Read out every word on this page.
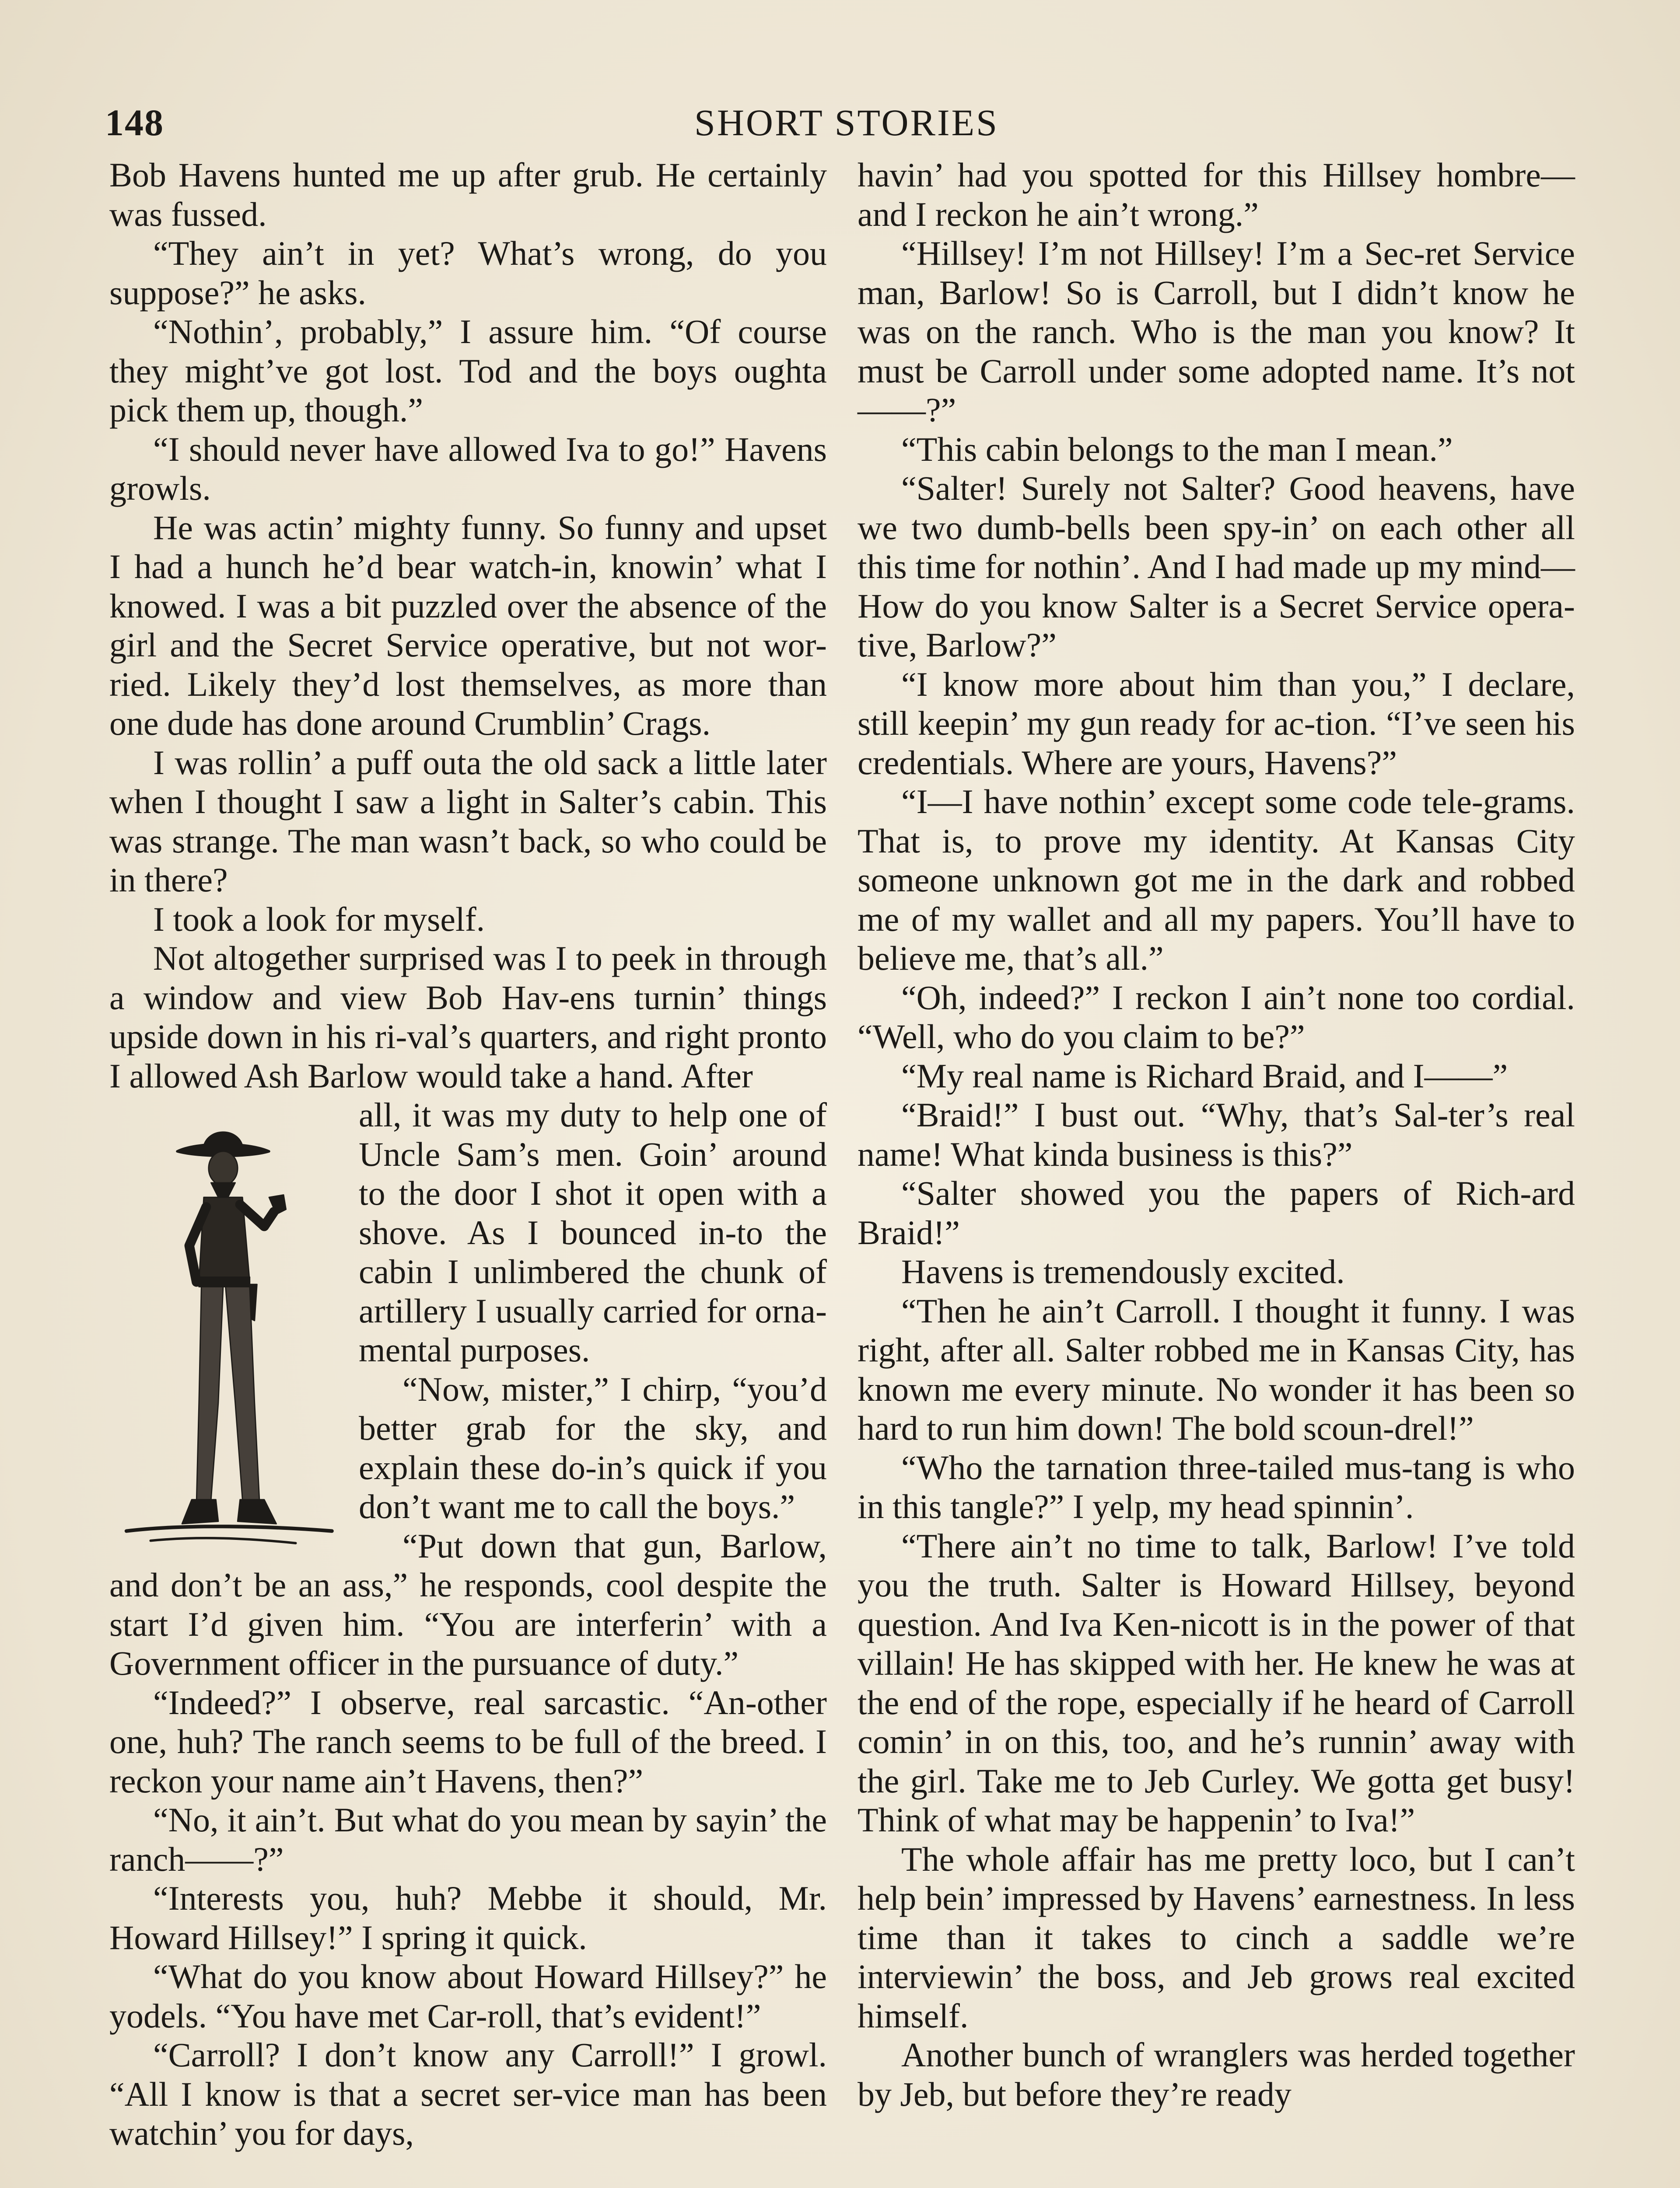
148	SHORT STORIES

Bob Havens hunted me up after grub. He certainly was fussed.

“They ain’t in yet? What’s wrong, do you suppose?” he asks.

“Nothin’, probably,” I assure him. “Of course they might’ve got lost. Tod and the boys oughta pick them up, though.”

“I should never have allowed Iva to go!” Havens growls.

He was actin’ mighty funny. So funny and upset I had a hunch he’d bear watch-in, knowin’ what I knowed. I was a bit puzzled over the absence of the girl and the Secret Service operative, but not wor-ried. Likely they’d lost themselves, as more than one dude has done around Crumblin’ Crags.

I was rollin’ a puff outa the old sack a little later when I thought I saw a light in Salter’s cabin. This was strange. The man wasn’t back, so who could be in there?

I took a look for myself.

Not altogether surprised was I to peek in through a window and view Bob Hav-ens turnin’ things upside down in his ri-val’s quarters, and right pronto I allowed Ash Barlow would take a hand. After

all, it was my duty to help one of Uncle Sam’s men. Goin’ around to the door I shot it open with a shove. As I bounced in-to the cabin I unlimbered the chunk of artillery I usually carried for orna-mental purposes.

“Now, mister,” I chirp, “you’d better grab for the sky, and explain these do-in’s quick if you don’t want me to call the boys.”

“Put down that gun, Barlow, and don’t be an ass,” he responds, cool despite the start I’d given him. “You are interferin’ with a Government officer in the pursuance of duty.”

“Indeed?” I observe, real sarcastic. “An-other one, huh? The ranch seems to be full of the breed. I reckon your name ain’t Havens, then?”

“No, it ain’t. But what do you mean by sayin’ the ranch——?”

“Interests you, huh? Mebbe it should, Mr. Howard Hillsey!” I spring it quick.

“What do you know about Howard Hillsey?” he yodels. “You have met Car-roll, that’s evident!”

“Carroll? I don’t know any Carroll!” I growl. “All I know is that a secret ser-vice man has been watchin’ you for days,

havin’ had you spotted for this Hillsey hombre—and I reckon he ain’t wrong.”

“Hillsey! I’m not Hillsey! I’m a Sec-ret Service man, Barlow! So is Carroll, but I didn’t know he was on the ranch. Who is the man you know? It must be Carroll under some adopted name. It’s not——?”

“This cabin belongs to the man I mean.”

“Salter! Surely not Salter? Good heavens, have we two dumb-bells been spy-in’ on each other all this time for nothin’. And I had made up my mind— How do you know Salter is a Secret Service opera-tive, Barlow?”

“I know more about him than you,” I declare, still keepin’ my gun ready for ac-tion. “I’ve seen his credentials. Where are yours, Havens?”

“I—I have nothin’ except some code tele-grams. That is, to prove my identity. At Kansas City someone unknown got me in the dark and robbed me of my wallet and all my papers. You’ll have to believe me, that’s all.”

“Oh, indeed?” I reckon I ain’t none too cordial. “Well, who do you claim to be?”

“My real name is Richard Braid, and I——”

“Braid!” I bust out. “Why, that’s Sal-ter’s real name! What kinda business is this?”

“Salter showed you the papers of Rich-ard Braid!”

Havens is tremendously excited.

“Then he ain’t Carroll. I thought it funny. I was right, after all. Salter robbed me in Kansas City, has known me every minute. No wonder it has been so hard to run him down! The bold scoun-drel!”

“Who the tarnation three-tailed mus-tang is who in this tangle?” I yelp, my head spinnin’.

“There ain’t no time to talk, Barlow! I’ve told you the truth. Salter is Howard Hillsey, beyond question. And Iva Ken-nicott is in the power of that villain! He has skipped with her. He knew he was at the end of the rope, especially if he heard of Carroll comin’ in on this, too, and he’s runnin’ away with the girl. Take me to Jeb Curley. We gotta get busy! Think of what may be happenin’ to Iva!”

The whole affair has me pretty loco, but I can’t help bein’ impressed by Havens’ earnestness. In less time than it takes to cinch a saddle we’re interviewin’ the boss, and Jeb grows real excited himself.

Another bunch of wranglers was herded together by Jeb, but before they’re ready
